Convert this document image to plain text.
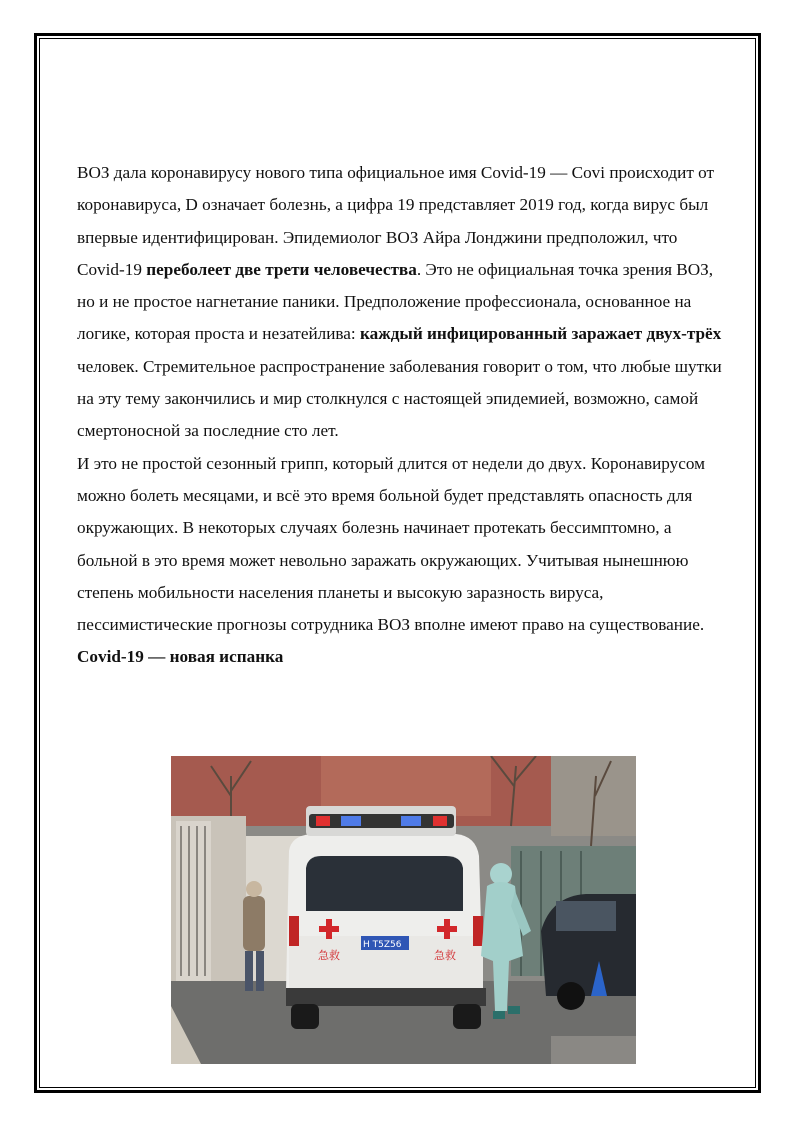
ВОЗ дала коронавирусу нового типа официальное имя Covid-19 — Covi происходит от коронавируса, D означает болезнь, а цифра 19 представляет 2019 год, когда вирус был впервые идентифицирован. Эпидемиолог ВОЗ Айра Лонджини предположил, что Covid-19 переболеет две трети человечества. Это не официальная точка зрения ВОЗ, но и не простое нагнетание паники. Предположение профессионала, основанное на логике, которая проста и незатейлива: каждый инфицированный заражает двух-трёх человек. Стремительное распространение заболевания говорит о том, что любые шутки на эту тему закончились и мир столкнулся с настоящей эпидемией, возможно, самой смертоносной за последние сто лет.

И это не простой сезонный грипп, который длится от недели до двух. Коронавирусом можно болеть месяцами, и всё это время больной будет представлять опасность для окружающих. В некоторых случаях болезнь начинает протекать бессимптомно, а больной в это время может невольно заражать окружающих. Учитывая нынешнюю степень мобильности населения планеты и высокую заразность вируса, пессимистические прогнозы сотрудника ВОЗ вполне имеют право на существование.

Covid-19 — новая испанка

急救	急救
H T5Z56
